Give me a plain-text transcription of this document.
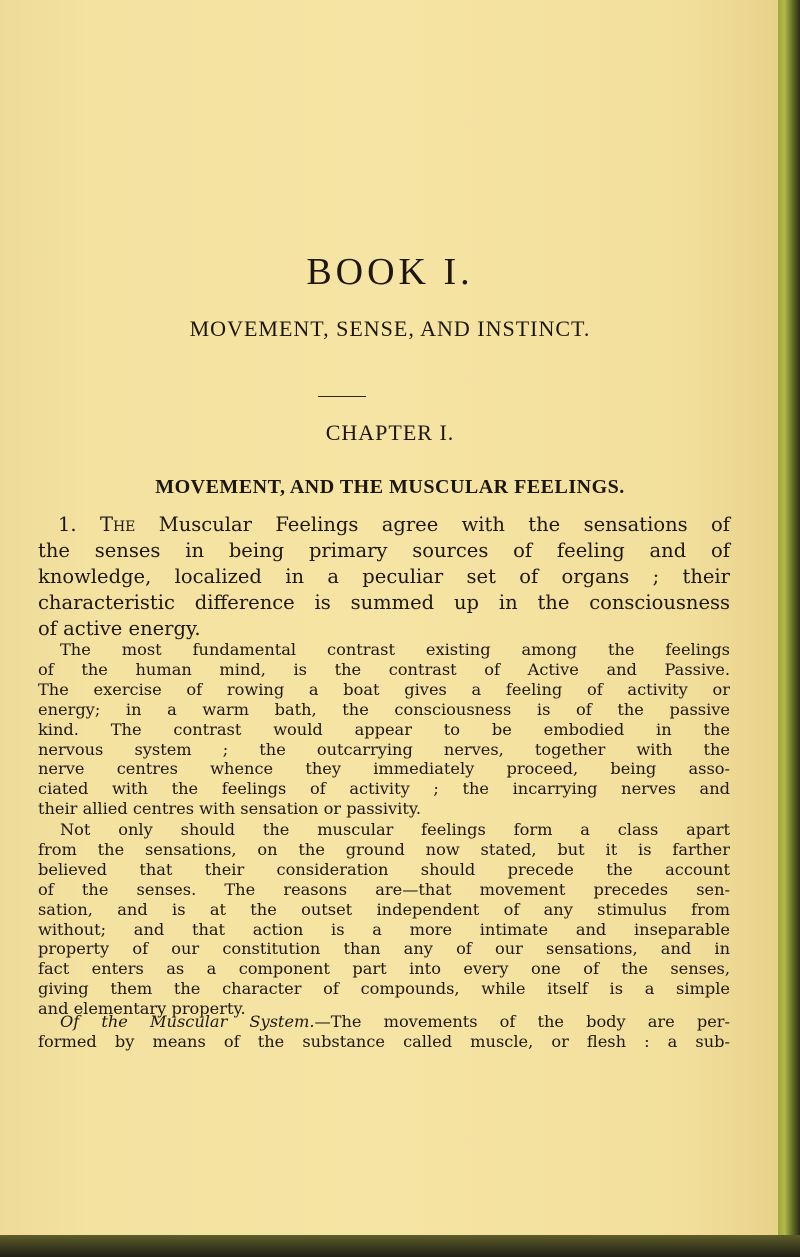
BOOK I.
MOVEMENT, SENSE, AND INSTINCT.
CHAPTER I.
MOVEMENT, AND THE MUSCULAR FEELINGS.
1. The Muscular Feelings agree with the sensations of
the senses in being primary sources of feeling and of
knowledge, localized in a peculiar set of organs ; their
characteristic difference is summed up in the consciousness
of active energy.
The most fundamental contrast existing among the feelings
of the human mind, is the contrast of Active and Passive.
The exercise of rowing a boat gives a feeling of activity or
energy; in a warm bath, the consciousness is of the passive
kind. The contrast would appear to be embodied in the
nervous system ; the outcarrying nerves, together with the
nerve centres whence they immediately proceed, being asso-
ciated with the feelings of activity ; the incarrying nerves and
their allied centres with sensation or passivity.
Not only should the muscular feelings form a class apart
from the sensations, on the ground now stated, but it is farther
believed that their consideration should precede the account
of the senses. The reasons are—that movement precedes sen-
sation, and is at the outset independent of any stimulus from
without; and that action is a more intimate and inseparable
property of our constitution than any of our sensations, and in
fact enters as a component part into every one of the senses,
giving them the character of compounds, while itself is a simple
and elementary property.
Of the Muscular System.—The movements of the body are per-
formed by means of the substance called muscle, or flesh : a sub-
